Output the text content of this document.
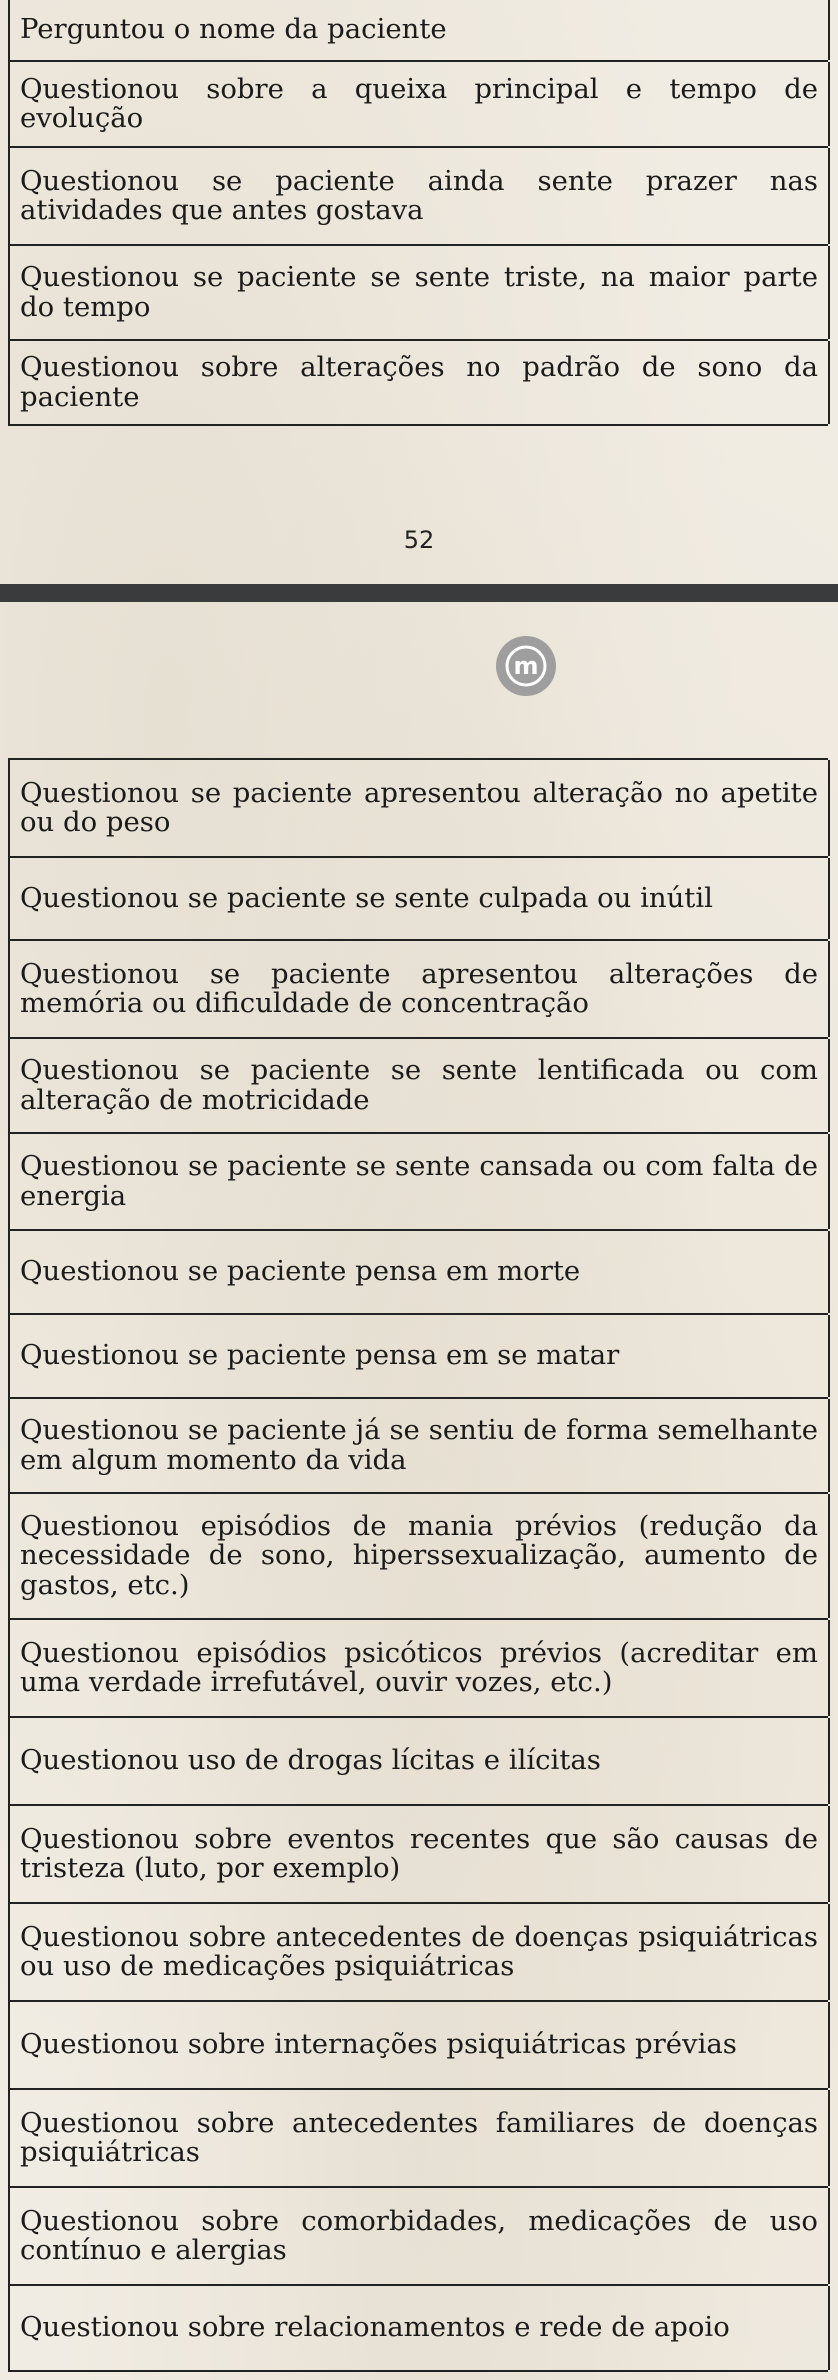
Perguntou o nome da paciente
Questionou sobre a queixa principal e tempo de evolução
Questionou se paciente ainda sente prazer nas atividades que antes gostava
Questionou se paciente se sente triste, na maior parte do tempo
Questionou sobre alterações no padrão de sono da paciente
52
m
Questionou se paciente apresentou alteração no apetite ou do peso
Questionou se paciente se sente culpada ou inútil
Questionou se paciente apresentou alterações de memória ou dificuldade de concentração
Questionou se paciente se sente lentificada ou com alteração de motricidade
Questionou se paciente se sente cansada ou com falta de energia
Questionou se paciente pensa em morte
Questionou se paciente pensa em se matar
Questionou se paciente já se sentiu de forma semelhante em algum momento da vida
Questionou episódios de mania prévios (redução da necessidade de sono, hiperssexualização, aumento de gastos, etc.)
Questionou episódios psicóticos prévios (acreditar em uma verdade irrefutável, ouvir vozes, etc.)
Questionou uso de drogas lícitas e ilícitas
Questionou sobre eventos recentes que são causas de tristeza (luto, por exemplo)
Questionou sobre antecedentes de doenças psiquiátricas ou uso de medicações psiquiátricas
Questionou sobre internações psiquiátricas prévias
Questionou sobre antecedentes familiares de doenças psiquiátricas
Questionou sobre comorbidades, medicações de uso contínuo e alergias
Questionou sobre relacionamentos e rede de apoio
